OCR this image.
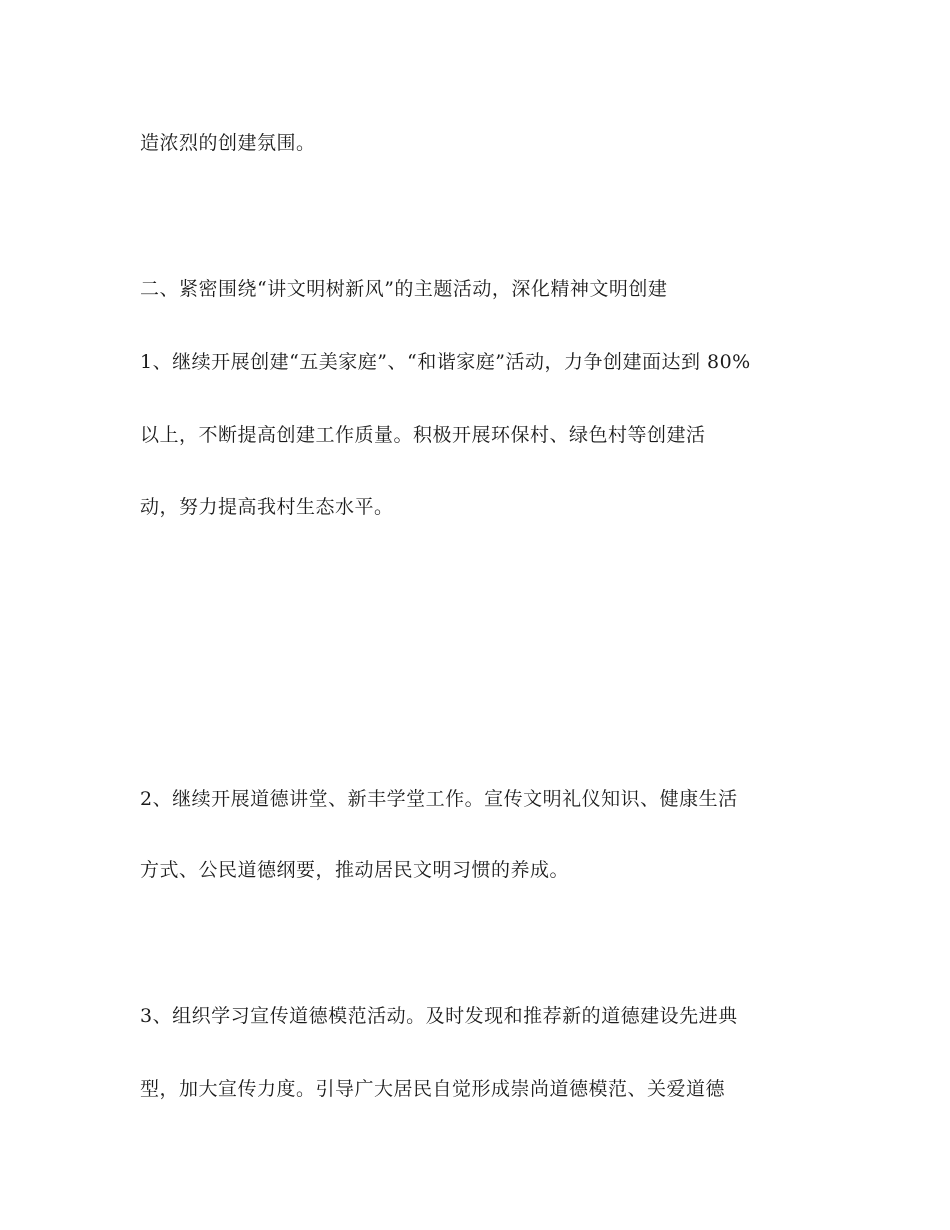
造浓烈的创建氛围。
二、紧密围绕“讲文明树新风”的主题活动，深化精神文明创建
1、继续开展创建“五美家庭”、“和谐家庭”活动，力争创建面达到 80%
以上，不断提高创建工作质量。积极开展环保村、绿色村等创建活
动，努力提高我村生态水平。
2、继续开展道德讲堂、新丰学堂工作。宣传文明礼仪知识、健康生活
方式、公民道德纲要，推动居民文明习惯的养成。
3、组织学习宣传道德模范活动。及时发现和推荐新的道德建设先进典
型，加大宣传力度。引导广大居民自觉形成崇尚道德模范、关爱道德
